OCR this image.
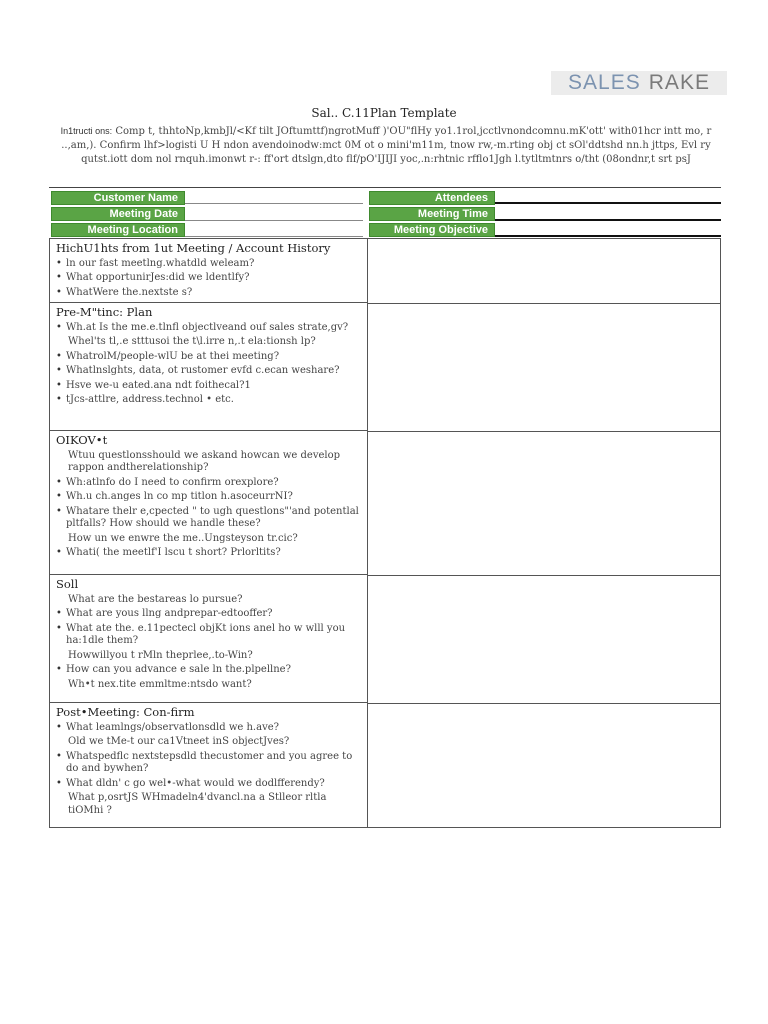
SALES RAKE
Sal.. C.11Plan Template
In1tructi ons: Comp t, thhtoNp,kmbJl/<Kf tilt JOftumttf)ngrotMuff )'OU"flHy yo1.1rol,jcctlvnondcomnu.mK'ott' with01hcr intt mo, r
..,am,). Confirm lhf>logisti U H ndon avendoinodw:mct 0M ot o mini'm11m, tnow rw,-m.rting obj ct sOl'ddtshd nn.h jttps, Evl ry
qutst.iott dom nol rnquh.imonwt r-: ff'ort dtslgn,dto flf/pO'IJIJI yoc,.n:rhtnic rfflo1Jgh l.tytltmtnrs o/tht (08ondnr,t srt psJ
Customer Name
Meeting Date
Meeting Location
Attendees
Meeting Time
Meeting Objective
HichU1hts from 1ut Meeting / Account History
• ln our fast meetlng.whatdld weleam?
• What opportunirJes:did we ldentlfy?
• WhatWere the.nextste s?
Pre-M"tinc: Plan
• Wh.at Is the me.e.tlnfl objectlveand ouf sales strate,gv?
Whel'ts tl,.e stttusoi the t\l.irre n,.t ela:tionsh lp?
• WhatrolM/people-wlU be at thei meeting?
• Whatlnslghts, data, ot rustomer evfd c.ecan weshare?
• Hsve we-u eated.ana ndt foithecal?1
• tJcs-attlre, address.technol • etc.
OIKOV•t
Wtuu questlonsshould we askand howcan we develop rappon andtherelationship?
• Wh:atlnfo do I need to confirm orexplore?
• Wh.u ch.anges ln co mp titlon h.asoceurrNI?
• Whatare thelr e,cpected " to ugh questlons"'and potentlal pltfalls? How should we handle these?
How un we enwre the me..Ungsteyson tr.cic?
• Whati( the meetlf'I lscu t short? Prlorltits?
Soll
What are the bestareas lo pursue?
• What are yous llng andprepar-edtooffer?
• What ate the. e.11pectecl objKt ions anel ho w wlll you ha:1dle them?
Howwillyou t rMln theprlee,.to-Win?
• How can you advance e sale ln the.plpellne?
Wh•t nex.tite emmltme:ntsdo want?
Post•Meeting: Con-firm
• What leamlngs/observatlonsdld we h.ave?
Old we tMe-t our ca1Vtneet inS objectJves?
• Whatspedflc nextstepsdld thecustomer and you agree to do and bywhen?
• What dldn' c go wel•-what would we dodlfferendy?
What p,osrtJS WHmadeln4'dvancl.na a Stlleor rltla tiOMhi ?
